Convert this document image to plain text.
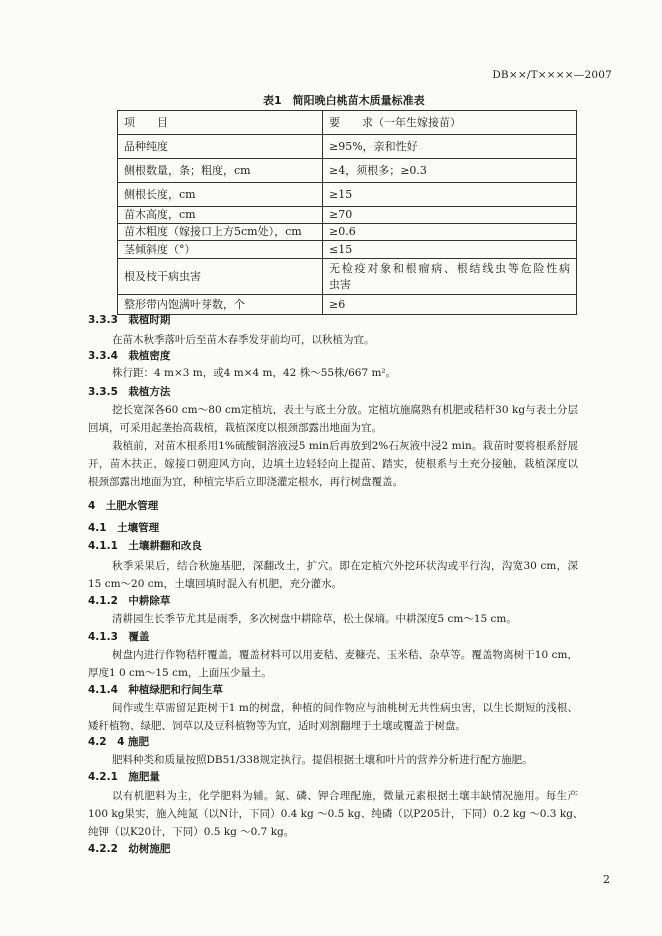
DB××/T××××—2007
表1　简阳晚白桃苗木质量标准表
项　　目	要　　求（一年生嫁接苗）
品种纯度	≥95%，亲和性好

侧根数量，条；粗度，cm	≥4，须根多；≥0.3

侧根长度，cm	≥15

苗木高度，cm	≥70

苗木粗度（嫁接口上方5cm处），cm	≥0.6

茎倾斜度（°）	≤15

根及枝干病虫害	无检疫对象和根瘤病、根结线虫等危险性病
虫害

整形带内饱满叶芽数，个	≥6
3.3.3　栽植时期
在苗木秋季落叶后至苗木春季发芽前均可，以秋植为宜。
3.3.4　栽植密度
株行距：4 m×3 m，或4 m×4 m，42 株～55株/667 m²。
3.3.5　栽植方法
挖长宽深各60 cm～80 cm定植坑，表土与底土分放。定植坑施腐熟有机肥或秸杆30 kg与表土分层
回填，可采用起垄抬高栽植，栽植深度以根颈部露出地面为宜。
栽植前，对苗木根系用1%硫酸铜溶液浸5 min后再放到2%石灰液中浸2 min。栽苗时要将根系舒展
开，苗木扶正，嫁接口朝迎风方向，边填土边轻轻向上提苗、踏实，使根系与土充分接触，栽植深度以
根颈部露出地面为宜，种植完毕后立即浇灌定根水，再行树盘覆盖。
4　土肥水管理
4.1　土壤管理
4.1.1　土壤耕翻和改良
秋季采果后，结合秋施基肥，深翻改土，扩穴。即在定植穴外挖环状沟或平行沟，沟宽30 cm，深
15 cm～20 cm，土壤回填时混入有机肥，充分灌水。
4.1.2　中耕除草
清耕园生长季节尤其是雨季，多次树盘中耕除草，松土保墒。中耕深度5 cm～15 cm。
4.1.3　覆盖
树盘内进行作物秸杆覆盖，覆盖材料可以用麦秸、麦糠壳、玉米秸、杂草等。覆盖物离树干10 cm，
厚度1 0 cm～15 cm，上面压少量土。
4.1.4　种植绿肥和行间生草
间作或生草需留足距树干1 m的树盘，种植的间作物应与油桃树无共性病虫害，以生长期短的浅根、
矮秆植物、绿肥、饲草以及豆科植物等为宜，适时刈割翻埋于土壤或覆盖于树盘。
4.2　4 施肥
肥料种类和质量按照DB51/338规定执行。提倡根据土壤和叶片的营养分析进行配方施肥。
4.2.1　施肥量
以有机肥料为主，化学肥料为辅。氮、磷、钾合理配施，微量元素根据土壤丰缺情况施用。每生产
100 kg果实，施入纯氮（以N计，下同）0.4 kg ～0.5 kg、纯磷（以P205计，下同）0.2 kg ～0.3 kg、
纯钾（以K20计，下同）0.5 kg ～0.7 kg。
4.2.2　幼树施肥
2
